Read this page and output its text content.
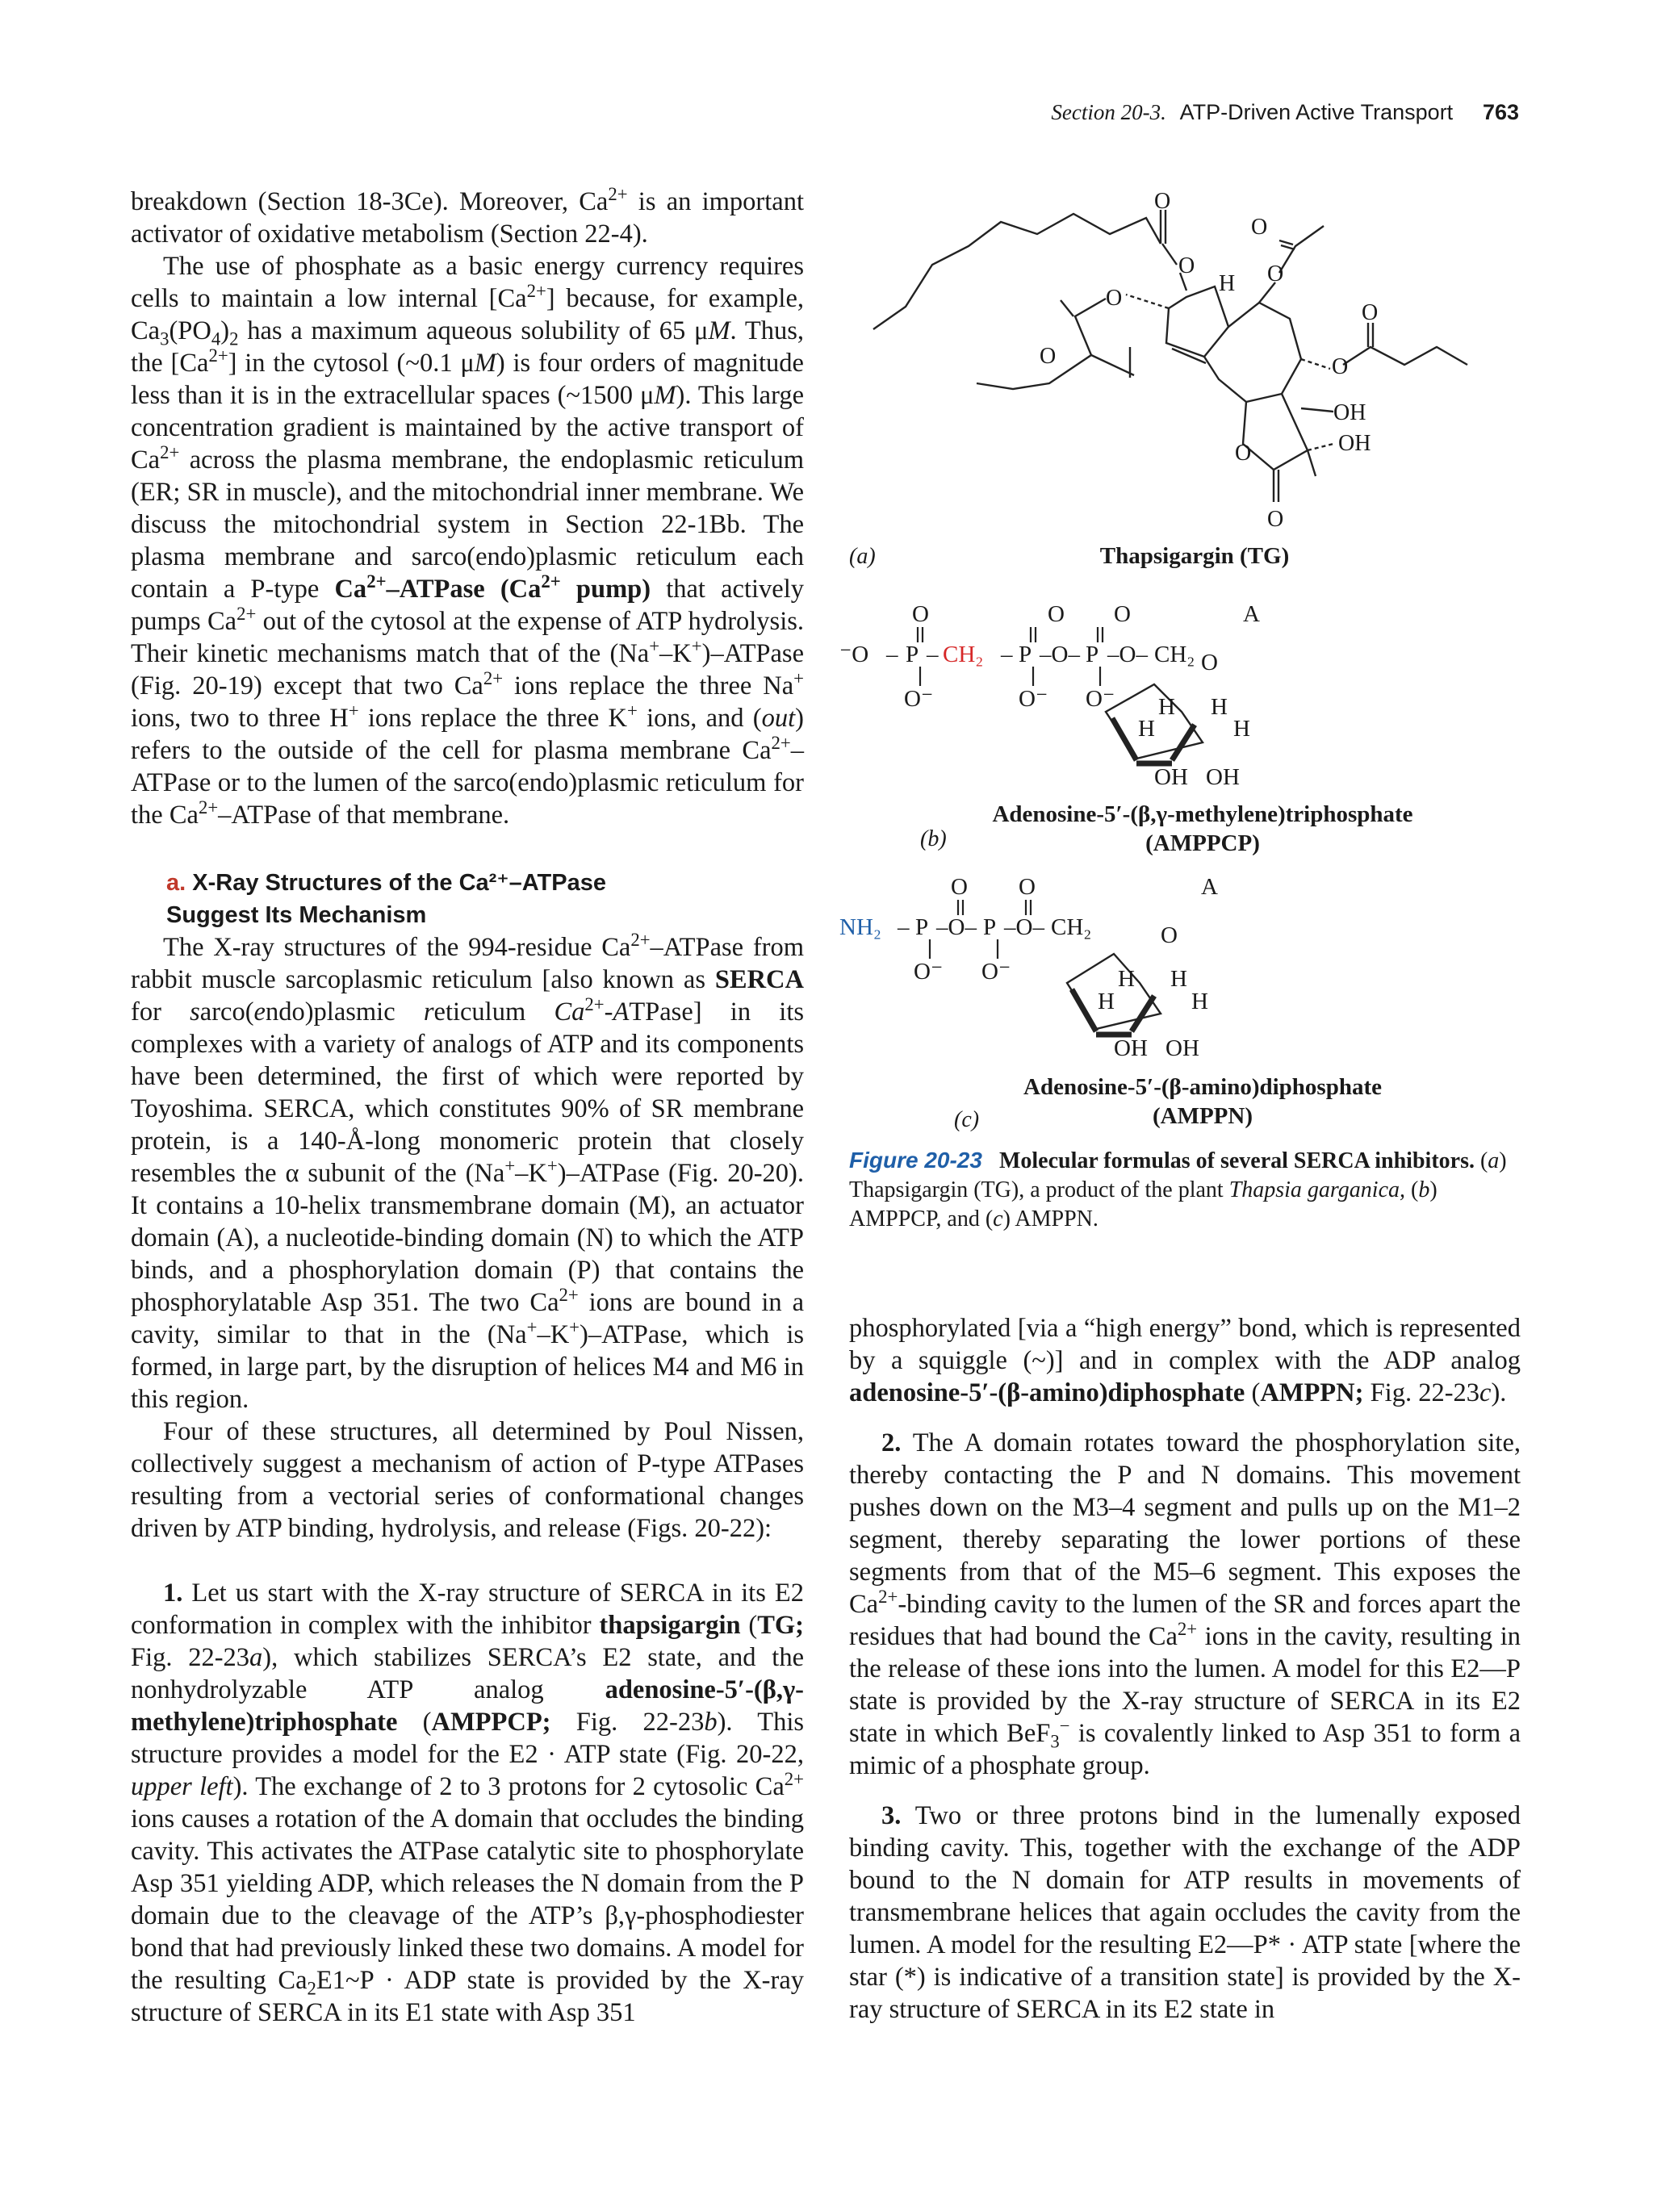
Section 20-3. ATP-Driven Active Transport 763

breakdown (Section 18-3Ce). Moreover, $Ca^{2+}$ is an important activator of oxidative metabolism (Section 22-4).

The use of phosphate as a basic energy currency requires cells to maintain a low internal $[Ca^{2+}]$ because, for example, $Ca_3(PO_4)_2$ has a maximum aqueous solubility of 65 μM. Thus, the $[Ca^{2+}]$ in the cytosol (~0.1 μM) is four orders of magnitude less than it is in the extracellular spaces (~1500 μM). This large concentration gradient is maintained by the active transport of $Ca^{2+}$ across the plasma membrane, the endoplasmic reticulum (ER; SR in muscle), and the mitochondrial inner membrane. We discuss the mitochondrial system in Section 22-1Bb. The plasma membrane and sarco(endo)plasmic reticulum each contain a P-type $Ca^{2+}$–ATPase ($Ca^{2+}$ pump) that actively pumps $Ca^{2+}$ out of the cytosol at the expense of ATP hydrolysis. Their kinetic mechanisms match that of the (Na+–K+)–ATPase (Fig. 20-19) except that two $Ca^{2+}$ ions replace the three Na+ ions, two to three H+ ions replace the three K+ ions, and (out) refers to the outside of the cell for plasma membrane $Ca^{2+}$–ATPase or to the lumen of the sarco(endo)plasmic reticulum for the $Ca^{2+}$–ATPase of that membrane.

a. X-Ray Structures of the Ca²⁺–ATPase
Suggest Its Mechanism

The X-ray structures of the 994-residue $Ca^{2+}$–ATPase from rabbit muscle sarcoplasmic reticulum [also known as SERCA for sarco(endo)plasmic reticulum $Ca^{2+}-ATPase$] in its complexes with a variety of analogs of ATP and its components have been determined, the first of which were reported by Toyoshima. SERCA, which constitutes 90% of SR membrane protein, is a 140-Å-long monomeric protein that closely resembles the α subunit of the (Na+–K+)–ATPase (Fig. 20-20). It contains a 10-helix transmembrane domain (M), an actuator domain (A), a nucleotide-binding domain (N) to which the ATP binds, and a phosphorylation domain (P) that contains the phosphorylatable Asp 351. The two $Ca^{2+}$ ions are bound in a cavity, similar to that in the (Na+–K+)–ATPase, which is formed, in large part, by the disruption of helices M4 and M6 in this region.

Four of these structures, all determined by Poul Nissen, collectively suggest a mechanism of action of P-type ATPases resulting from a vectorial series of conformational changes driven by ATP binding, hydrolysis, and release (Figs. 20-22):

1. Let us start with the X-ray structure of SERCA in its E2 conformation in complex with the inhibitor thapsigargin (TG; Fig. 22-23a), which stabilizes SERCA’s E2 state, and the nonhydrolyzable ATP analog adenosine-5′-(β,γ-methylene)triphosphate (AMPPCP; Fig. 22-23b). This structure provides a model for the E2 · ATP state (Fig. 20-22, upper left). The exchange of 2 to 3 protons for 2 cytosolic $Ca^{2+}$ ions causes a rotation of the A domain that occludes the binding cavity. This activates the ATPase catalytic site to phosphorylate Asp 351 yielding ADP, which releases the N domain from the P domain due to the cleavage of the ATP’s β,γ-phosphodiester bond that had previously linked these two domains. A model for the resulting $Ca_2E1\sim P$ · ADP state is provided by the X-ray structure of SERCA in its E1 state with Asp 351

phosphorylated [via a “high energy” bond, which is represented by a squiggle (~)] and in complex with the ADP analog adenosine-5′-(β-amino)diphosphate (AMPPN; Fig. 22-23c).

2. The A domain rotates toward the phosphorylation site, thereby contacting the P and N domains. This movement pushes down on the M3–4 segment and pulls up on the M1–2 segment, thereby separating the lower portions of these segments from that of the M5–6 segment. This exposes the $Ca^{2+}$-binding cavity to the lumen of the SR and forces apart the residues that had bound the $Ca^{2+}$ ions in the cavity, resulting in the release of these ions into the lumen. A model for this E2—P state is provided by the X-ray structure of SERCA in its E2 state in which BeF$_3$− is covalently linked to Asp 351 to form a mimic of a phosphate group.

3. Two or three protons bind in the lumenally exposed binding cavity. This, together with the exchange of the ADP bound to the N domain for ATP results in movements of transmembrane helices that again occludes the cavity from the lumen. A model for the resulting E2—P* · ATP state [where the star (*) is indicative of a transition state] is provided by the X-ray structure of SERCA in its E2 state in

O
O
O
H O
O
O
O
O
OH
OH
O
O
O	O O	A
⁻O – P – CH₂ – P –O– P –O– CH₂
O⁻	O⁻ O⁻
O
H H
H	H
OH OH
O O	A
NH₂ – P –O– P –O– CH₂
O⁻ O⁻
O
H H
H	H
OH OH
Thapsigargin (TG)
Adenosine-5′-(β,γ-methylene)triphosphate
(AMPPCP)
Adenosine-5′-(β-amino)diphosphate
(AMPPN)
(a)
(b)
(c)
Figure 20-23 Molecular formulas of several SERCA inhibitors. (a) Thapsigargin (TG), a product of the plant Thapsia garganica, (b) AMPPCP, and (c) AMPPN.
